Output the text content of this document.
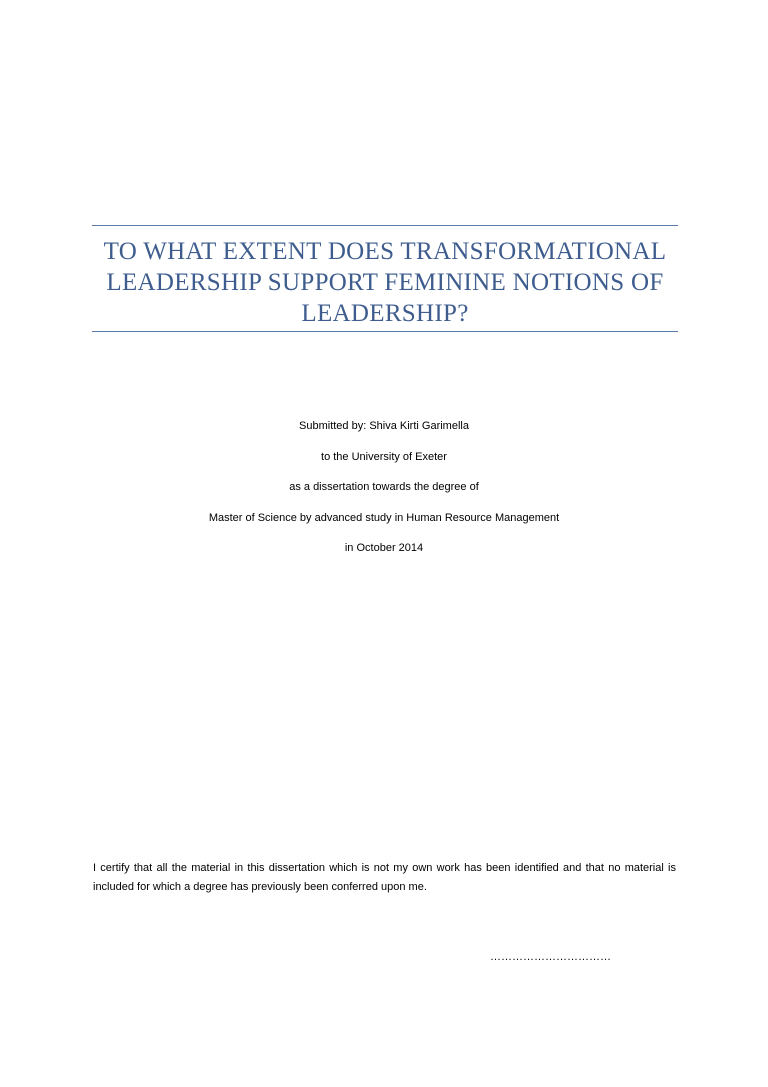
TO WHAT EXTENT DOES TRANSFORMATIONAL LEADERSHIP SUPPORT FEMININE NOTIONS OF LEADERSHIP?
Submitted by: Shiva Kirti Garimella
to the University of Exeter
as a dissertation towards the degree of
Master of Science by advanced study in Human Resource Management
in October 2014
I certify that all the material in this dissertation which is not my own work has been identified and that no material is included for which a degree has previously been conferred upon me.
……………………………
